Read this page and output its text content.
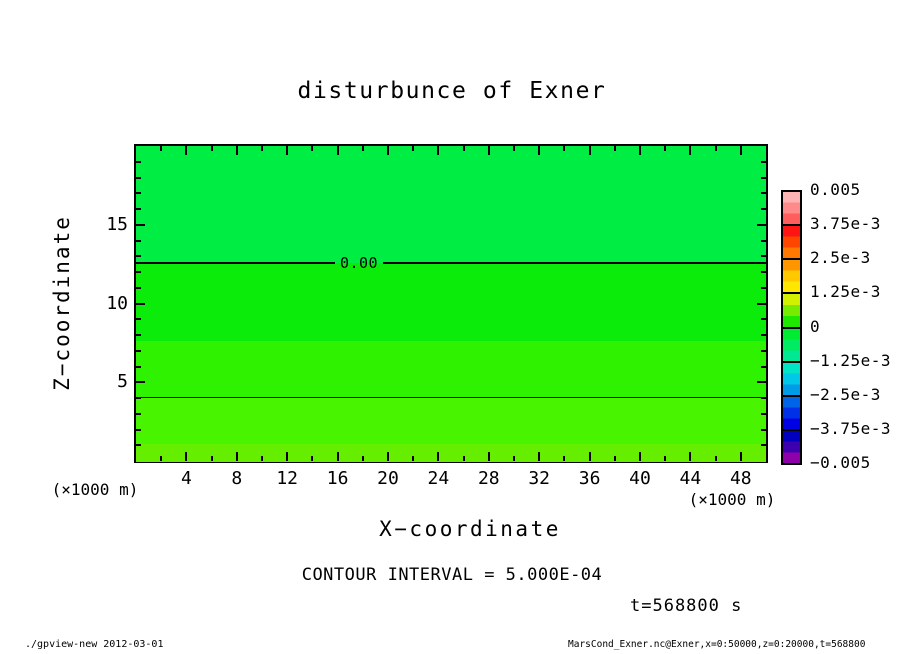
disturbunce of Exner
Z−coordinate	0.00
(×1000 m)
(×1000 m)
X−coordinate
CONTOUR INTERVAL = 5.000E-04
t=568800 s
./gpview-new 2012-03-01	MarsCond_Exner.nc@Exner,x=0:50000,z=0:20000,t=568800
4	8	12	16	20	24	28	32	36	40	44	48
5
10
15
0.005
3.75e-3
2.5e-3
1.25e-3
0
−1.25e-3
−2.5e-3
−3.75e-3
−0.005
